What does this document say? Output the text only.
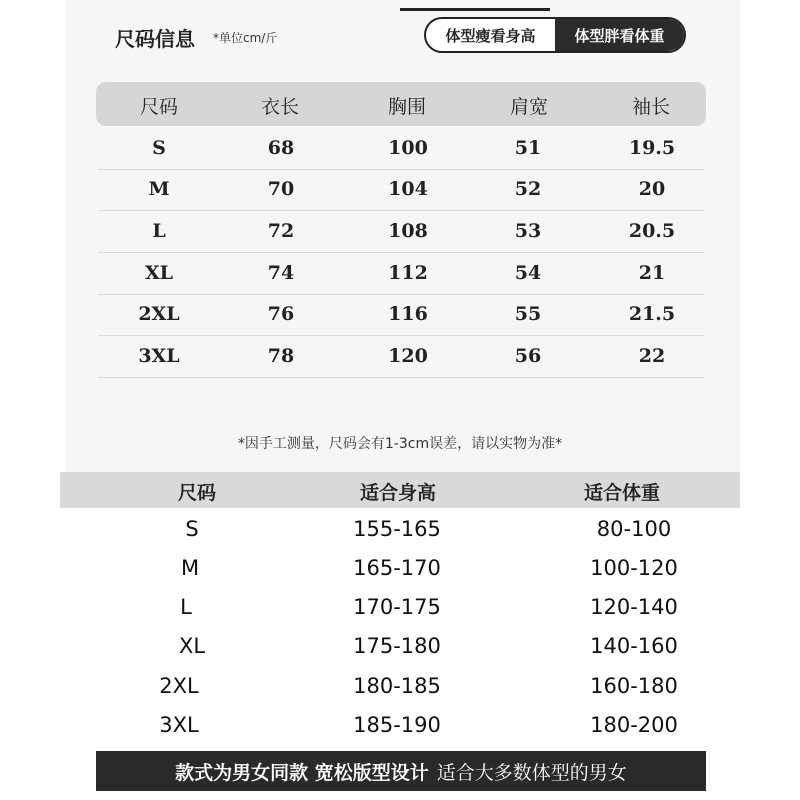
尺码信息 *单位cm/斤	体型瘦看身高	体型胖看体重
尺码	衣长	胸围	肩宽	袖长
S	68	100	51	19.5
M	70	104	52	20
L	72	108	53	20.5
XL	74	112	54	21
2XL	76	116	55	21.5
3XL	78	120	56	22
*因手工测量，尺码会有1-3cm误差，请以实物为准*
尺码	适合身高	适合体重
S	155-165	80-100
M	165-170	100-120
L	170-175	120-140
XL	175-180	140-160
2XL	180-185	160-180
3XL	185-190	180-200
款式为男女同款 宽松版型设计 适合大多数体型的男女
